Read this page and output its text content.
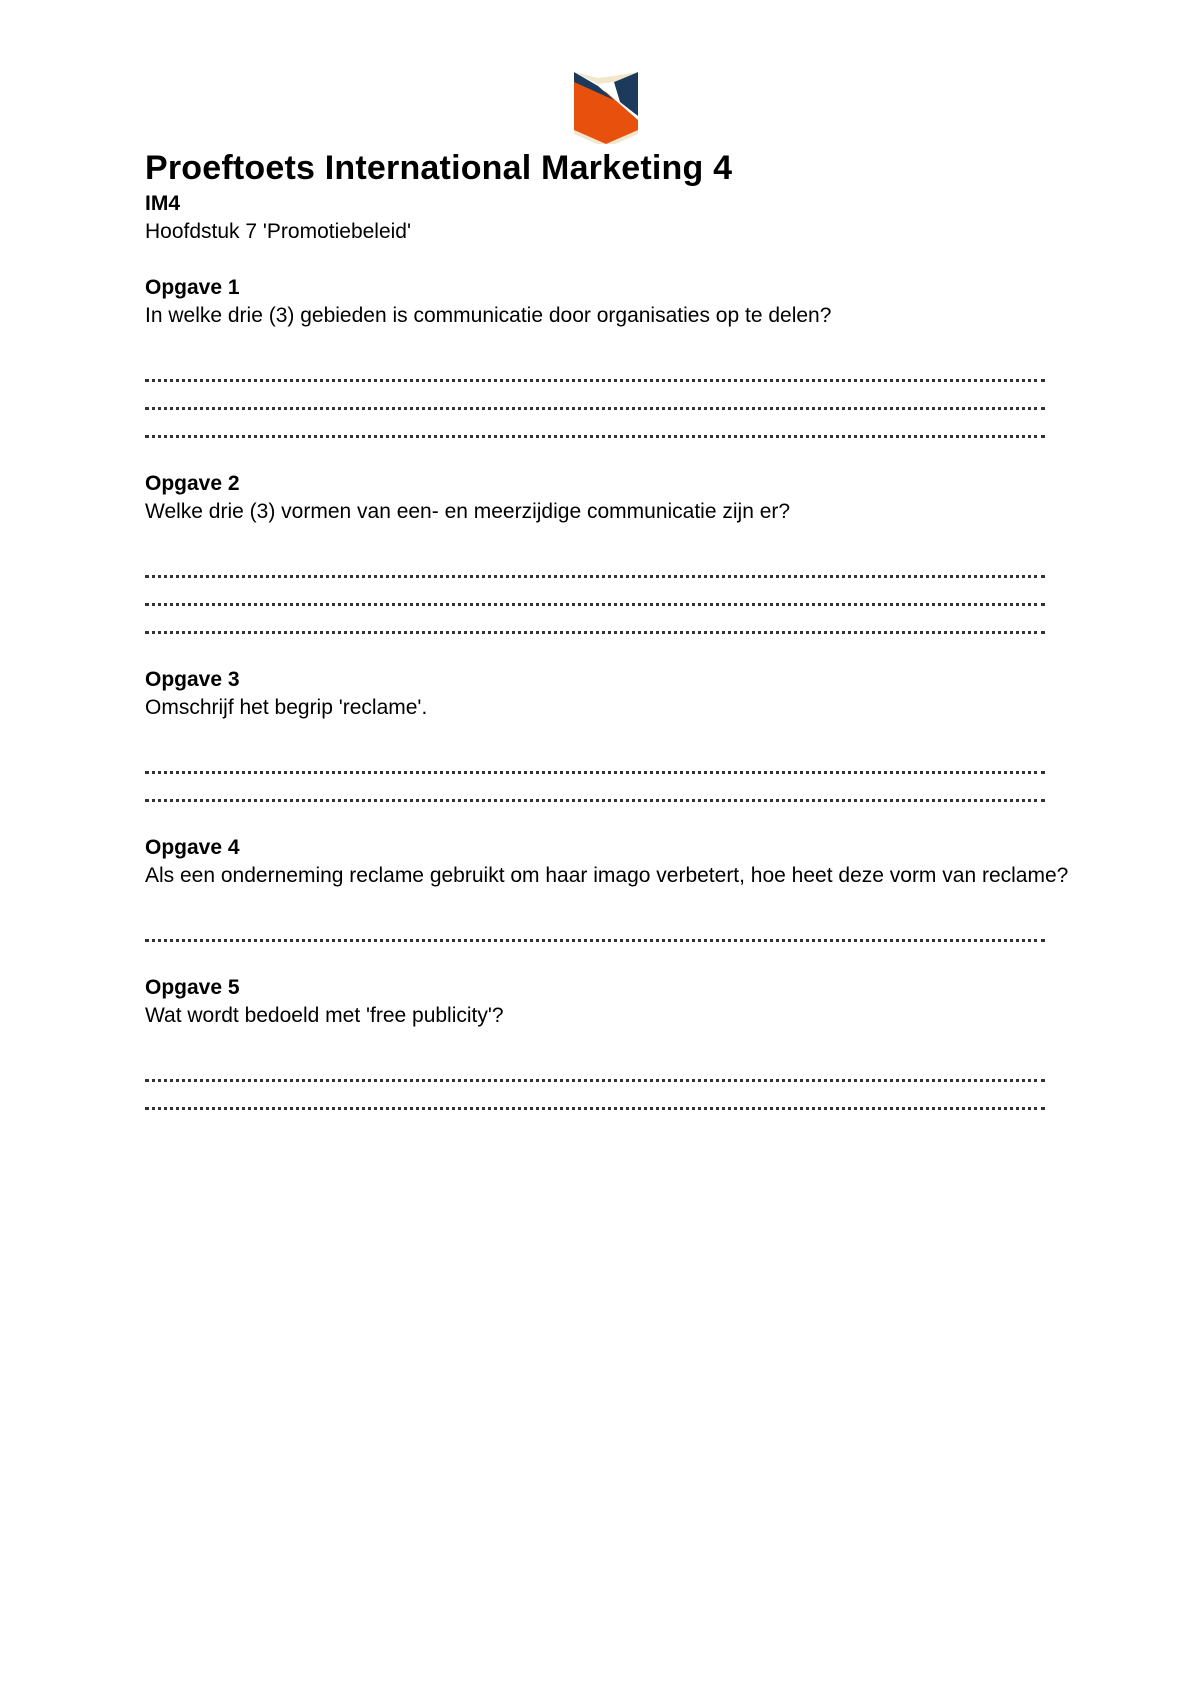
Proeftoets International Marketing 4

IM4

Hoofdstuk 7 'Promotiebeleid'

Opgave 1

In welke drie (3) gebieden is communicatie door organisaties op te delen?

Opgave 2

Welke drie (3) vormen van een- en meerzijdige communicatie zijn er?

Opgave 3

Omschrijf het begrip 'reclame'.

Opgave 4

Als een onderneming reclame gebruikt om haar imago verbetert, hoe heet deze vorm van reclame?

Opgave 5

Wat wordt bedoeld met 'free publicity'?
